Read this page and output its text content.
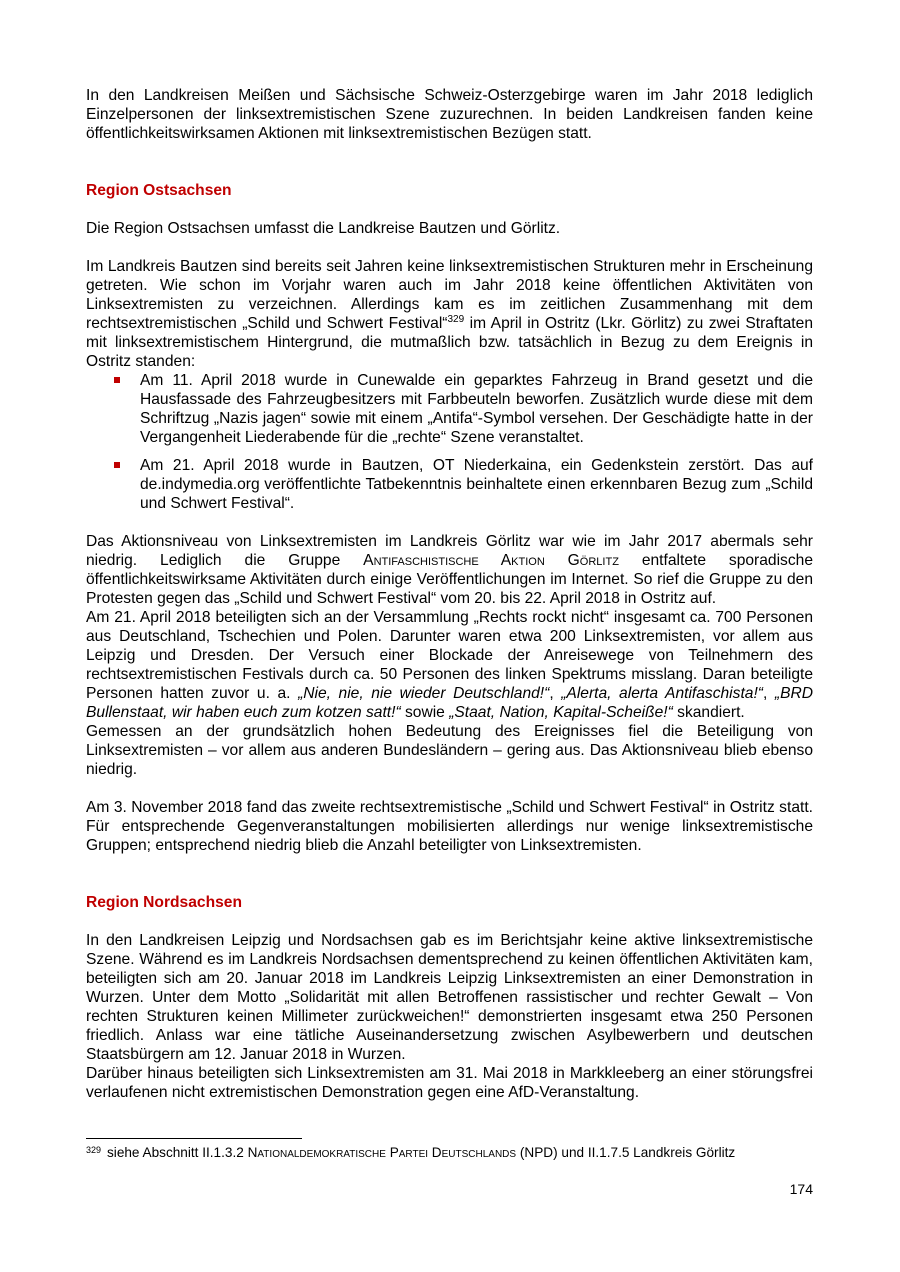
In den Landkreisen Meißen und Sächsische Schweiz-Osterzgebirge waren im Jahr 2018 lediglich Einzelpersonen der linksextremistischen Szene zuzurechnen. In beiden Landkreisen fanden keine öffentlichkeitswirksamen Aktionen mit linksextremistischen Bezügen statt.

Region Ostsachsen

Die Region Ostsachsen umfasst die Landkreise Bautzen und Görlitz.

Im Landkreis Bautzen sind bereits seit Jahren keine linksextremistischen Strukturen mehr in Erscheinung getreten. Wie schon im Vorjahr waren auch im Jahr 2018 keine öffentlichen Aktivitäten von Linksextremisten zu verzeichnen. Allerdings kam es im zeitlichen Zusammenhang mit dem rechtsextremistischen „Schild und Schwert Festival“$^{329}$ im April in Ostritz (Lkr. Görlitz) zu zwei Straftaten mit linksextremistischem Hintergrund, die mutmaßlich bzw. tatsächlich in Bezug zu dem Ereignis in Ostritz standen:

Am 11. April 2018 wurde in Cunewalde ein geparktes Fahrzeug in Brand gesetzt und die Hausfassade des Fahrzeugbesitzers mit Farbbeuteln beworfen. Zusätzlich wurde diese mit dem Schriftzug „Nazis jagen“ sowie mit einem „Antifa“-Symbol versehen. Der Geschädigte hatte in der Vergangenheit Liederabende für die „rechte“ Szene veranstaltet.
Am 21. April 2018 wurde in Bautzen, OT Niederkaina, ein Gedenkstein zerstört. Das auf de.indymedia.org veröffentlichte Tatbekenntnis beinhaltete einen erkennbaren Bezug zum „Schild und Schwert Festival“.

Das Aktionsniveau von Linksextremisten im Landkreis Görlitz war wie im Jahr 2017 abermals sehr niedrig. Lediglich die Gruppe Antifaschistische Aktion Görlitz entfaltete sporadische öffentlichkeitswirksame Aktivitäten durch einige Veröffentlichungen im Internet. So rief die Gruppe zu den Protesten gegen das „Schild und Schwert Festival“ vom 20. bis 22. April 2018 in Ostritz auf.

Am 21. April 2018 beteiligten sich an der Versammlung „Rechts rockt nicht“ insgesamt ca. 700 Personen aus Deutschland, Tschechien und Polen. Darunter waren etwa 200 Linksextremisten, vor allem aus Leipzig und Dresden. Der Versuch einer Blockade der Anreisewege von Teilnehmern des rechtsextremistischen Festivals durch ca. 50 Personen des linken Spektrums misslang. Daran beteiligte Personen hatten zuvor u. a. „Nie, nie, nie wieder Deutschland!“, „Alerta, alerta Antifaschista!“, „BRD Bullenstaat, wir haben euch zum kotzen satt!“ sowie „Staat, Nation, Kapital-Scheiße!“ skandiert.

Gemessen an der grundsätzlich hohen Bedeutung des Ereignisses fiel die Beteiligung von Linksextremisten – vor allem aus anderen Bundesländern – gering aus. Das Aktionsniveau blieb ebenso niedrig.

Am 3. November 2018 fand das zweite rechtsextremistische „Schild und Schwert Festival“ in Ostritz statt. Für entsprechende Gegenveranstaltungen mobilisierten allerdings nur wenige linksextremistische Gruppen; entsprechend niedrig blieb die Anzahl beteiligter von Linksextremisten.

Region Nordsachsen

In den Landkreisen Leipzig und Nordsachsen gab es im Berichtsjahr keine aktive linksextremistische Szene. Während es im Landkreis Nordsachsen dementsprechend zu keinen öffentlichen Aktivitäten kam, beteiligten sich am 20. Januar 2018 im Landkreis Leipzig Linksextremisten an einer Demonstration in Wurzen. Unter dem Motto „Solidarität mit allen Betroffenen rassistischer und rechter Gewalt – Von rechten Strukturen keinen Millimeter zurückweichen!“ demonstrierten insgesamt etwa 250 Personen friedlich. Anlass war eine tätliche Auseinandersetzung zwischen Asylbewerbern und deutschen Staatsbürgern am 12. Januar 2018 in Wurzen.

Darüber hinaus beteiligten sich Linksextremisten am 31. Mai 2018 in Markkleeberg an einer störungsfrei verlaufenen nicht extremistischen Demonstration gegen eine AfD-Veranstaltung.

329 siehe Abschnitt II.1.3.2 Nationaldemokratische Partei Deutschlands (NPD) und II.1.7.5 Landkreis Görlitz
174
